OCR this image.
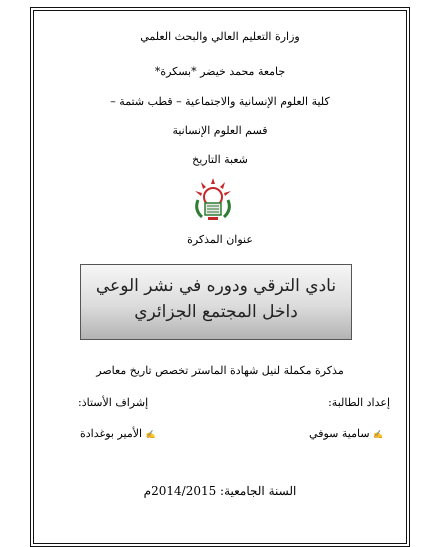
وزارة التعليم العالي والبحث العلمي
جامعة محمد خيضر *بسكرة*
كلية العلوم الإنسانية والاجتماعية – قطب شتمة –
قسم العلوم الإنسانية
شعبة التاريخ
عنوان المذكرة
نادي الترقي ودوره في نشر الوعي
داخل المجتمع الجزائري
مذكرة مكملة لنيل شهادة الماستر تخصص تاريخ معاصر
إعداد الطالبة:
إشراف الأستاذ:
✍ سامية سوفي
✍ الأمير بوغدادة
السنة الجامعية: 2014/2015م
